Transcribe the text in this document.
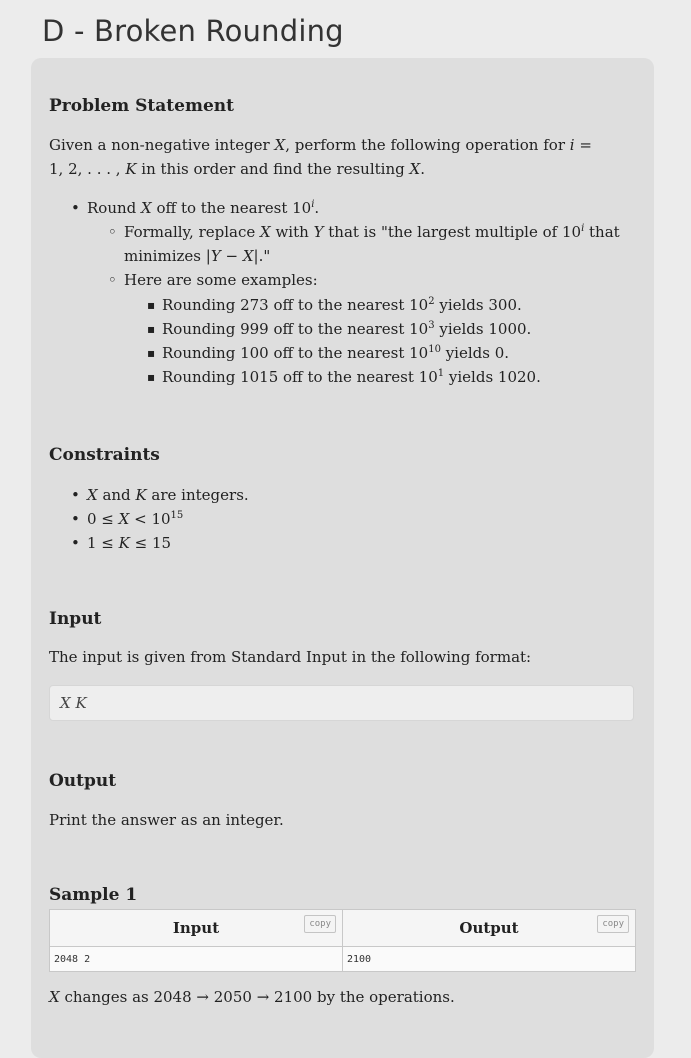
D - Broken Rounding
Problem Statement

Given a non-negative integer X, perform the following operation for i =
1, 2, . . . , K in this order and find the resulting X.

• Round X off to the nearest 10$^i$.
◦ Formally, replace X with Y that is "the largest multiple of 10$^i$ that
minimizes |Y − X|."
◦ Here are some examples:
▪ Rounding 273 off to the nearest $10^2$ yields 300.
▪ Rounding 999 off to the nearest $10^3$ yields 1000.
▪ Rounding 100 off to the nearest $10^{10}$ yields 0.
▪ Rounding 1015 off to the nearest $10^1$ yields 1020.
Constraints
• X and K are integers.
• $0 \le X < 10^{15}$
• 1 ≤ K ≤ 15
Input

The input is given from Standard Input in the following format:

X K
Output

Print the answer as an integer.

Sample 1
Input copy	Output copy

2048 2	2100

X changes as 2048 → 2050 → 2100 by the operations.
